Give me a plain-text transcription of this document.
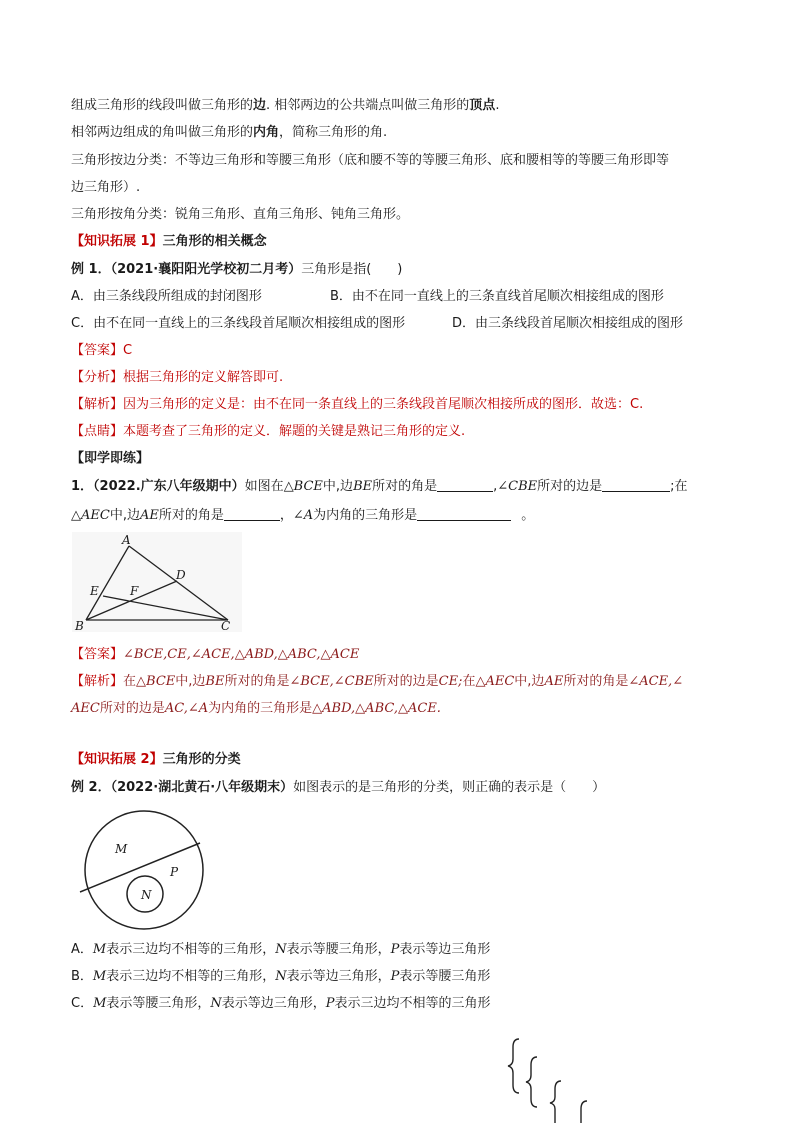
组成三角形的线段叫做三角形的边. 相邻两边的公共端点叫做三角形的顶点.
相邻两边组成的角叫做三角形的内角，简称三角形的角.
三角形按边分类：不等边三角形和等腰三角形（底和腰不等的等腰三角形、底和腰相等的等腰三角形即等
边三角形）.
三角形按角分类：锐角三角形、直角三角形、钝角三角形。
【知识拓展 1】三角形的相关概念
例 1．（2021·襄阳阳光学校初二月考）三角形是指(　　)
A．由三条线段所组成的封闭图形	B．由不在同一直线上的三条直线首尾顺次相接组成的图形
C．由不在同一直线上的三条线段首尾顺次相接组成的图形	D．由三条线段首尾顺次相接组成的图形
【答案】C
【分析】根据三角形的定义解答即可.
【解析】因为三角形的定义是：由不在同一条直线上的三条线段首尾顺次相接所成的图形．故选：C.
【点睛】本题考查了三角形的定义．解题的关键是熟记三角形的定义.
【即学即练】
1．（2022.广东八年级期中）如图在△BCE中,边BE所对的角是	,∠CBE所对的边是	;在
△AEC中,边AE所对的角是	，∠A为内角的三角形是	。
A
B	C
D
E	F
【答案】∠BCE,CE,∠ACE,△ABD,△ABC,△ACE
【解析】在△BCE中,边BE所对的角是∠BCE,∠CBE所对的边是CE;在△AEC中,边AE所对的角是∠ACE,∠
AEC所对的边是AC,∠A为内角的三角形是△ABD,△ABC,△ACE.
【知识拓展 2】三角形的分类
例 2．（2022·湖北黄石·八年级期末）如图表示的是三角形的分类，则正确的表示是（　　）
M
N
P
A．M表示三边均不相等的三角形，N表示等腰三角形，P表示等边三角形
B．M表示三边均不相等的三角形，N表示等边三角形，P表示等腰三角形
C．M表示等腰三角形，N表示等边三角形，P表示三边均不相等的三角形
